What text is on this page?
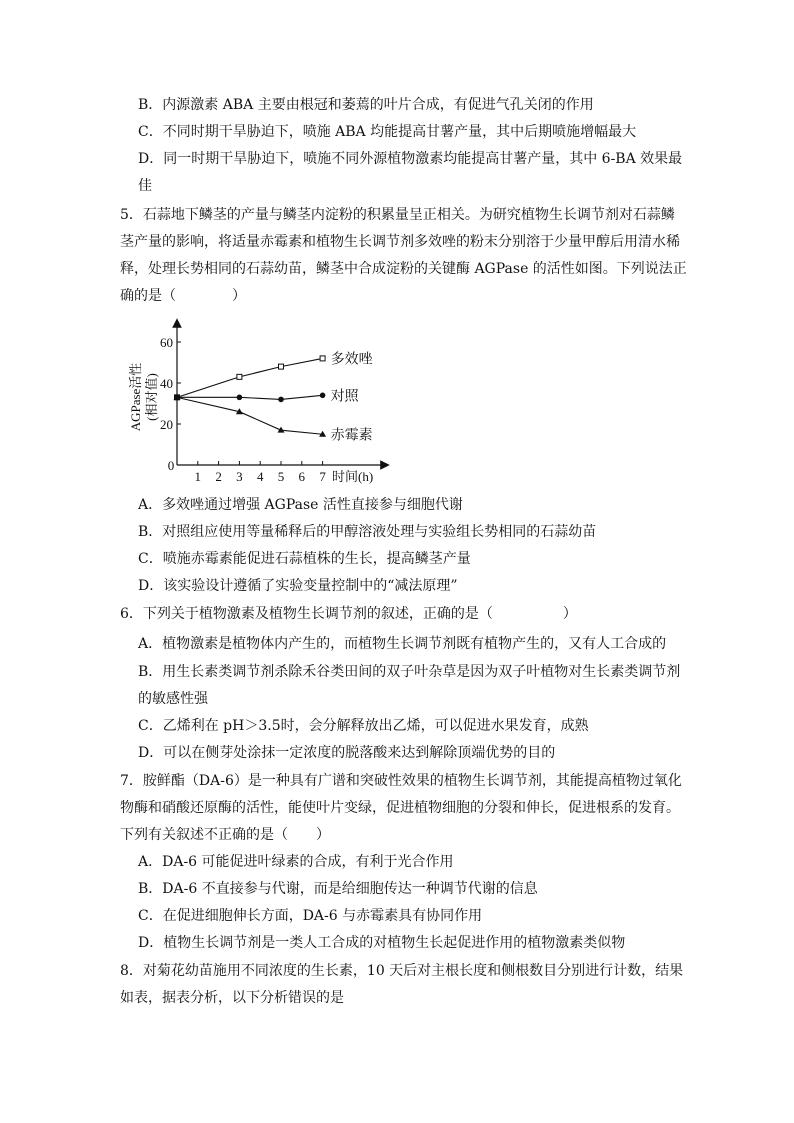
B．内源激素 ABA 主要由根冠和萎蔫的叶片合成，有促进气孔关闭的作用
C．不同时期干旱胁迫下，喷施 ABA 均能提高甘薯产量，其中后期喷施增幅最大
D．同一时期干旱胁迫下，喷施不同外源植物激素均能提高甘薯产量，其中 6-BA 效果最
佳
5．石蒜地下鳞茎的产量与鳞茎内淀粉的积累量呈正相关。为研究植物生长调节剂对石蒜鳞
茎产量的影响，将适量赤霉素和植物生长调节剂多效唑的粉末分别溶于少量甲醇后用清水稀
释，处理长势相同的石蒜幼苗，鳞茎中合成淀粉的关键酶 AGPase 的活性如图。下列说法正
确的是（　　　　）
0
1 2 3 4 5 6 7
20
40
60
多效唑
对照
赤霉素
AGPase活性 (相对值)
时间(h)
A．多效唑通过增强 AGPase 活性直接参与细胞代谢
B．对照组应使用等量稀释后的甲醇溶液处理与实验组长势相同的石蒜幼苗
C．喷施赤霉素能促进石蒜植株的生长，提高鳞茎产量
D．该实验设计遵循了实验变量控制中的“减法原理”
6．下列关于植物激素及植物生长调节剂的叙述，正确的是（　　　　　）
A．植物激素是植物体内产生的，而植物生长调节剂既有植物产生的，又有人工合成的
B．用生长素类调节剂杀除禾谷类田间的双子叶杂草是因为双子叶植物对生长素类调节剂
的敏感性强
C．乙烯利在 pH＞3.5时，会分解释放出乙烯，可以促进水果发育，成熟
D．可以在侧芽处涂抹一定浓度的脱落酸来达到解除顶端优势的目的
7．胺鲜酯（DA-6）是一种具有广谱和突破性效果的植物生长调节剂，其能提高植物过氧化
物酶和硝酸还原酶的活性，能使叶片变绿，促进植物细胞的分裂和伸长，促进根系的发育。
下列有关叙述不正确的是（　　）
A．DA-6 可能促进叶绿素的合成，有利于光合作用
B．DA-6 不直接参与代谢，而是给细胞传达一种调节代谢的信息
C．在促进细胞伸长方面，DA-6 与赤霉素具有协同作用
D．植物生长调节剂是一类人工合成的对植物生长起促进作用的植物激素类似物
8．对菊花幼苗施用不同浓度的生长素，10 天后对主根长度和侧根数目分别进行计数，结果
如表，据表分析，以下分析错误的是
